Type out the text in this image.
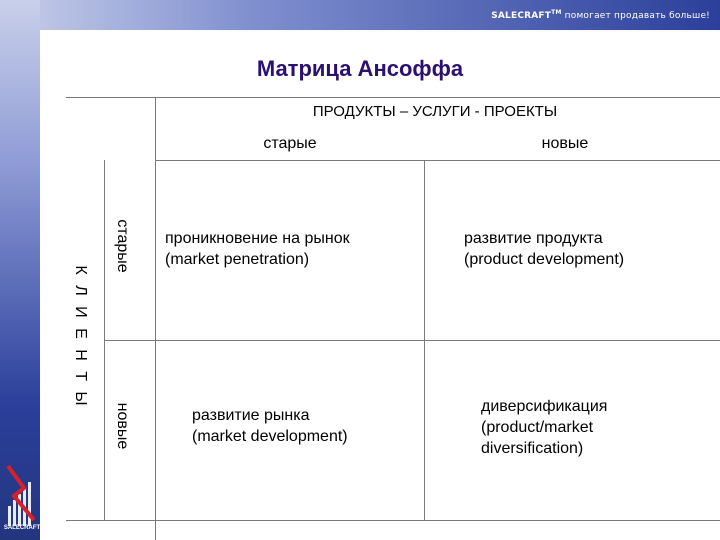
SALECRAFT™ помогает продавать больше!
Матрица Ансоффа
ПРОДУКТЫ – УСЛУГИ - ПРОЕКТЫ
старые	новые
К Л И Е Н Т Ы
старые
новые
проникновение на рынок
(market penetration)
развитие продукта
(product development)
развитие рынка
(market development)
диверсификация
(product/market
diversification)
SALECRAFT
